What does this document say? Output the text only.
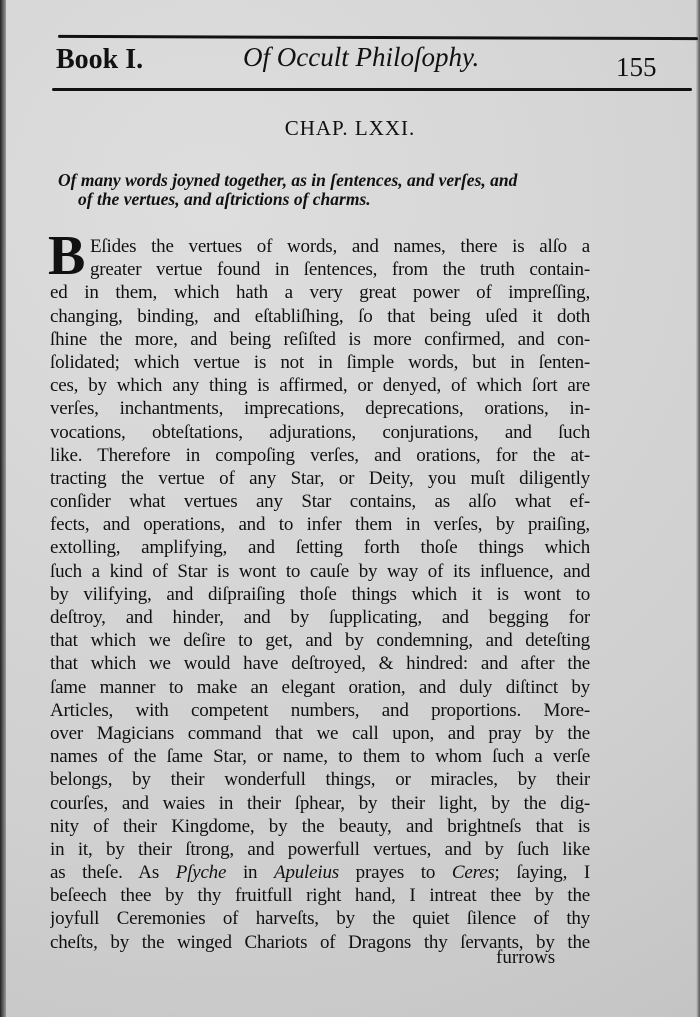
Book I.	Of Occult Philoſophy.	155
CHAP. LXXI.
Of many words joyned together, as in ſentences, and verſes, and
of the vertues, and aſtrictions of charms.
B Eſides the vertues of words, and names, there is alſo a
greater vertue found in ſentences, from the truth contain-
ed in them, which hath a very great power of impreſſing,
changing, binding, and eſtabliſhing, ſo that being uſed it doth
ſhine the more, and being reſiſted is more confirmed, and con-
ſolidated; which vertue is not in ſimple words, but in ſenten-
ces, by which any thing is affirmed, or denyed, of which ſort are
verſes, inchantments, imprecations, deprecations, orations, in-
vocations, obteſtations, adjurations, conjurations, and ſuch
like. Therefore in compoſing verſes, and orations, for the at-
tracting the vertue of any Star, or Deity, you muſt diligently
conſider what vertues any Star contains, as alſo what ef-
fects, and operations, and to infer them in verſes, by praiſing,
extolling, amplifying, and ſetting forth thoſe things which
ſuch a kind of Star is wont to cauſe by way of its influence, and
by vilifying, and diſpraiſing thoſe things which it is wont to
deſtroy, and hinder, and by ſupplicating, and begging for
that which we deſire to get, and by condemning, and deteſting
that which we would have deſtroyed, & hindred: and after the
ſame manner to make an elegant oration, and duly diſtinct by
Articles, with competent numbers, and proportions. More-
over Magicians command that we call upon, and pray by the
names of the ſame Star, or name, to them to whom ſuch a verſe
belongs, by their wonderfull things, or miracles, by their
courſes, and waies in their ſphear, by their light, by the dig-
nity of their Kingdome, by the beauty, and brightneſs that is
in it, by their ſtrong, and powerfull vertues, and by ſuch like
as theſe. As Pſyche in Apuleius prayes to Ceres; ſaying, I
beſeech thee by thy fruitfull right hand, I intreat thee by the
joyfull Ceremonies of harveſts, by the quiet ſilence of thy
cheſts, by the winged Chariots of Dragons thy ſervants, by the
furrows
